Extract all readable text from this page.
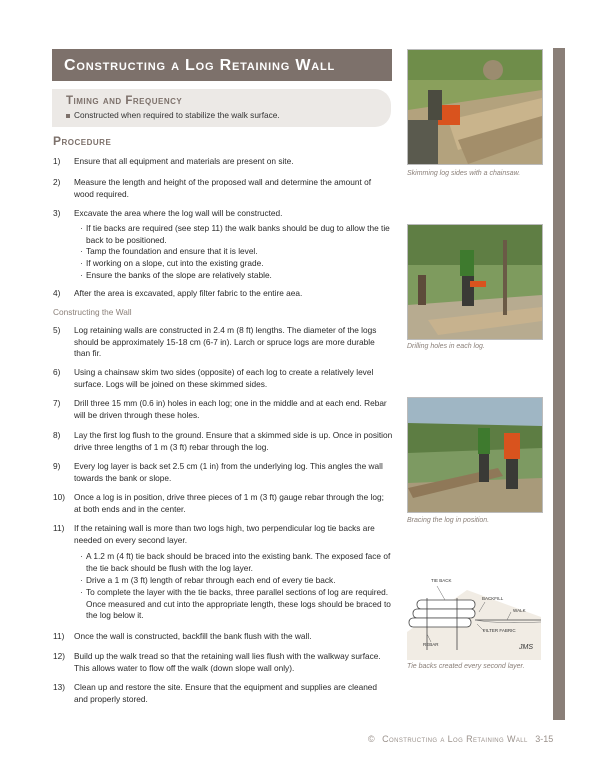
Constructing a Log Retaining Wall
Timing and Frequency
Constructed when required to stabilize the walk surface.
Procedure
1) Ensure that all equipment and materials are present on site.
2) Measure the length and height of the proposed wall and determine the amount of wood required.
3) Excavate the area where the log wall will be constructed.
· If tie backs are required (see step 11) the walk banks should be dug to allow the tie back to be positioned.
· Tamp the foundation and ensure that it is level.
· If working on a slope, cut into the existing grade.
· Ensure the banks of the slope are relatively stable.
4) After the area is excavated, apply filter fabric to the entire aea.
Constructing the Wall
5) Log retaining walls are constructed in 2.4 m (8 ft) lengths. The diameter of the logs should be approximately 15-18 cm (6-7 in). Larch or spruce logs are more durable than fir.
6) Using a chainsaw skim two sides (opposite) of each log to create a relatively level surface. Logs will be joined on these skimmed sides.
7) Drill three 15 mm (0.6 in) holes in each log; one in the middle and at each end. Rebar will be driven through these holes.
8) Lay the first log flush to the ground. Ensure that a skimmed side is up. Once in position drive three lengths of 1 m (3 ft) rebar through the log.
9) Every log layer is back set 2.5 cm (1 in) from the underlying log. This angles the wall towards the bank or slope.
10) Once a log is in position, drive three pieces of 1 m (3 ft) gauge rebar through the log; at both ends and in the center.
11) If the retaining wall is more than two logs high, two perpendicular log tie backs are needed on every second layer.
· A 1.2 m (4 ft) tie back should be braced into the existing bank. The exposed face of the tie back should be flush with the log layer.
· Drive a 1 m (3 ft) length of rebar through each end of every tie back.
· To complete the layer with the tie backs, three parallel sections of log are required. Once measured and cut into the appropriate length, these logs should be braced to the log below it.
11) Once the wall is constructed, backfill the bank flush with the wall.
12) Build up the walk tread so that the retaining wall lies flush with the walkway surface. This allows water to flow off the walk (down slope wall only).
13) Clean up and restore the site. Ensure that the equipment and supplies are cleaned and properly stored.
Skimming log sides with a chainsaw.
Drilling holes in each log.
Bracing the log in position.
TIE BACK
BACKFILL
WALK
FILTER FABRIC
REBAR	JMS
Tie backs created every second layer.
© Constructing a Log Retaining Wall 3-15
